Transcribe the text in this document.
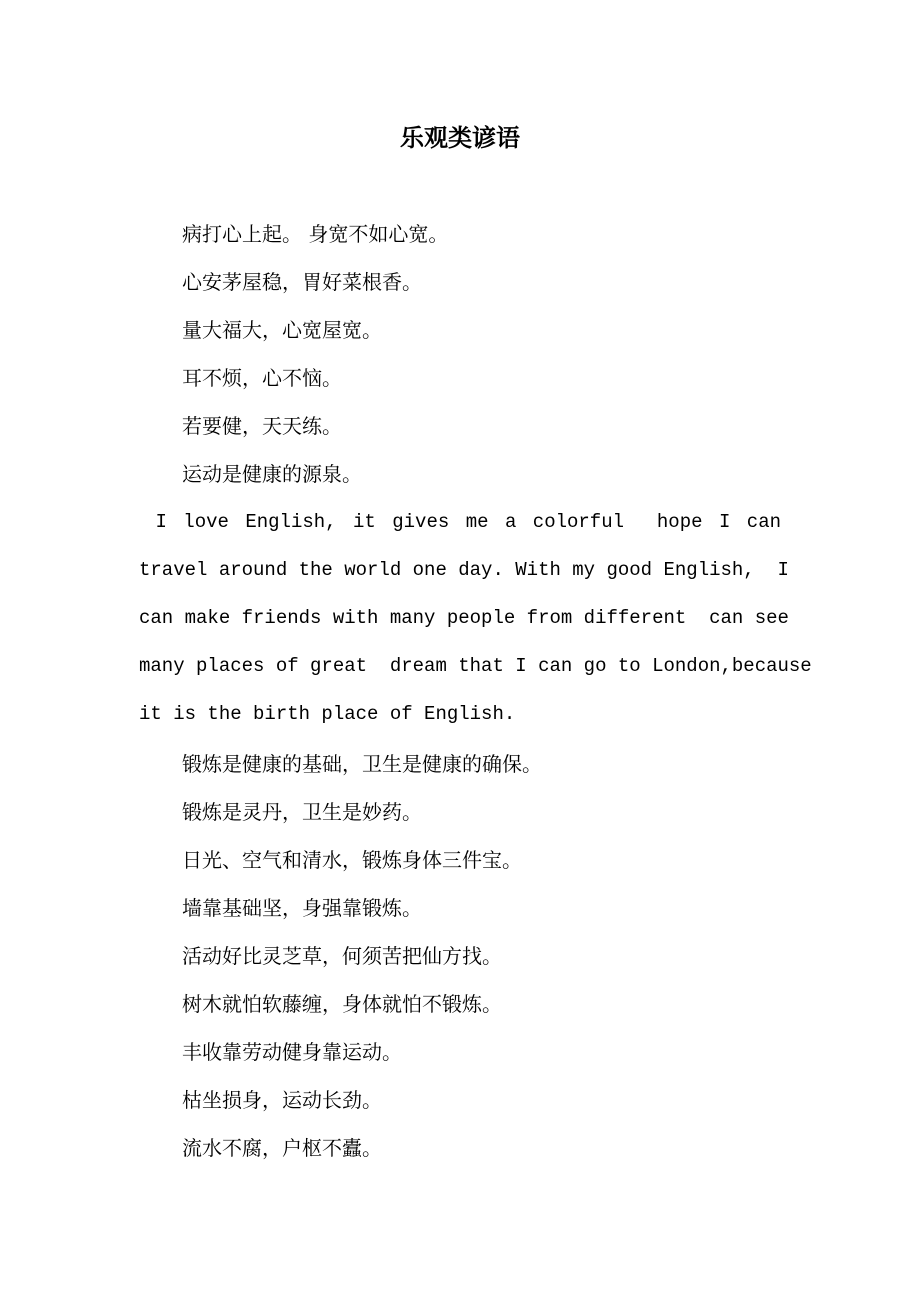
乐观类谚语
病打心上起。 身宽不如心宽。
心安茅屋稳，胃好菜根香。
量大福大，心宽屋宽。
耳不烦，心不恼。
若要健，天天练。
运动是健康的源泉。
I love English, it gives me a colorful  hope I can
travel around the world one day. With my good English,  I
can make friends with many people from different  can see
many places of great  dream that I can go to London,because
it is the birth place of English.
锻炼是健康的基础，卫生是健康的确保。
锻炼是灵丹，卫生是妙药。
日光、空气和清水，锻炼身体三件宝。
墙靠基础坚，身强靠锻炼。
活动好比灵芝草，何须苦把仙方找。
树木就怕软藤缠，身体就怕不锻炼。
丰收靠劳动健身靠运动。
枯坐损身，运动长劲。
流水不腐，户枢不蠹。
